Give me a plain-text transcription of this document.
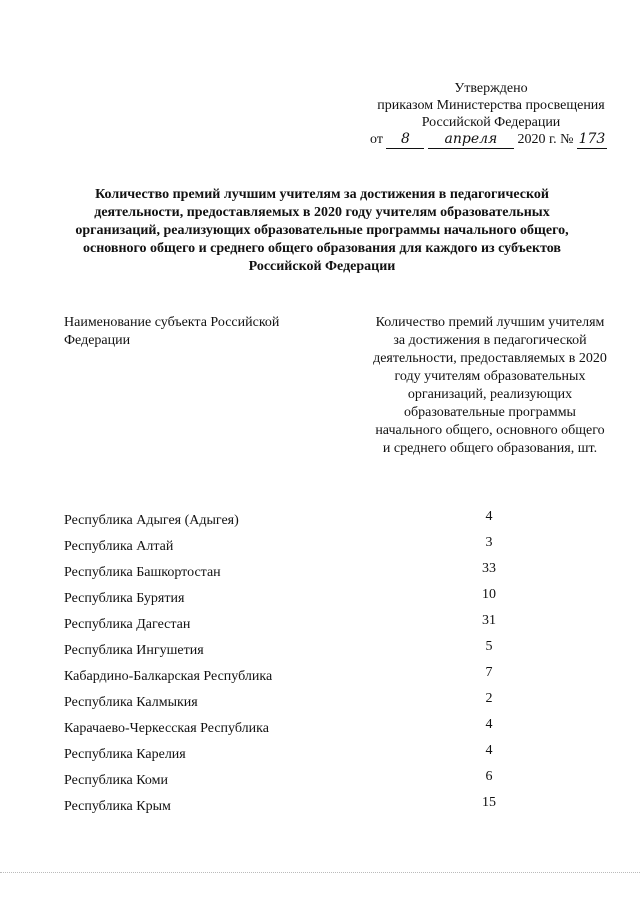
Утверждено
приказом Министерства просвещения
Российской Федерации
от 8 апреля 2020 г. № 173
Количество премий лучшим учителям за достижения в педагогической деятельности, предоставляемых в 2020 году учителям образовательных организаций, реализующих образовательные программы начального общего, основного общего и среднего общего образования для каждого из субъектов Российской Федерации
Наименование субъекта Российской Федерации
Количество премий лучшим учителям за достижения в педагогической деятельности, предоставляемых в 2020 году учителям образовательных организаций, реализующих образовательные программы начального общего, основного общего и среднего общего образования, шт.
Республика Адыгея (Адыгея)	4
Республика Алтай	3
Республика Башкортостан	33
Республика Бурятия	10
Республика Дагестан	31
Республика Ингушетия	5
Кабардино-Балкарская Республика	7
Республика Калмыкия	2
Карачаево-Черкесская Республика	4
Республика Карелия	4
Республика Коми	6
Республика Крым	15
